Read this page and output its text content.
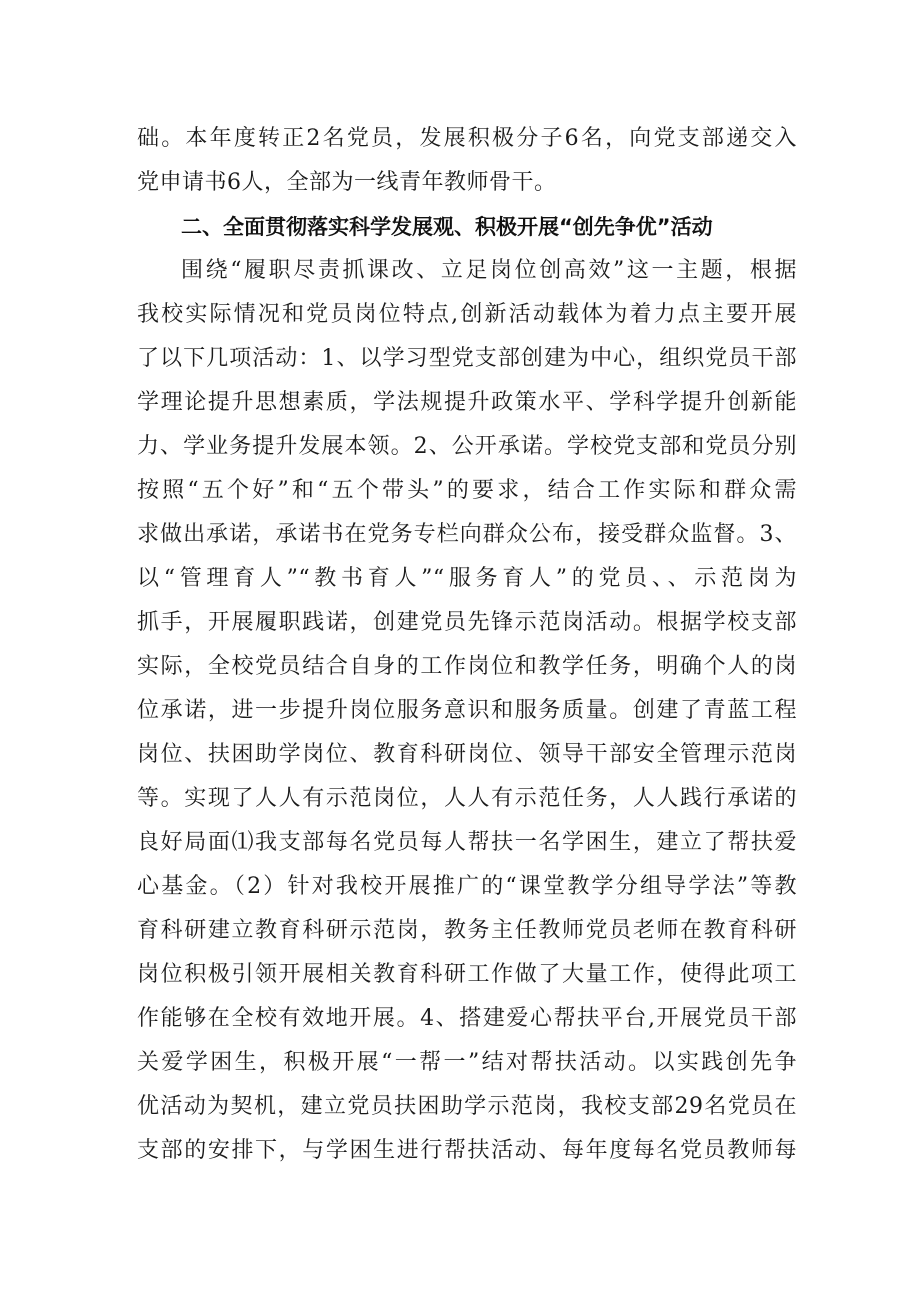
础。本年度转正2名党员，发展积极分子6名，向党支部递交入
党申请书6人，全部为一线青年教师骨干。
二、全面贯彻落实科学发展观、积极开展“创先争优”活动
围绕“履职尽责抓课改、立足岗位创高效”这一主题，根据
我校实际情况和党员岗位特点,创新活动载体为着力点主要开展
了以下几项活动：1、以学习型党支部创建为中心，组织党员干部
学理论提升思想素质，学法规提升政策水平、学科学提升创新能
力、学业务提升发展本领。2、公开承诺。学校党支部和党员分别
按照“五个好”和“五个带头”的要求，结合工作实际和群众需
求做出承诺，承诺书在党务专栏向群众公布，接受群众监督。3、
以“管理育人”“教书育人”“服务育人”的党员、、示范岗为
抓手，开展履职践诺，创建党员先锋示范岗活动。根据学校支部
实际，全校党员结合自身的工作岗位和教学任务，明确个人的岗
位承诺，进一步提升岗位服务意识和服务质量。创建了青蓝工程
岗位、扶困助学岗位、教育科研岗位、领导干部安全管理示范岗
等。实现了人人有示范岗位，人人有示范任务，人人践行承诺的
良好局面⑴我支部每名党员每人帮扶一名学困生，建立了帮扶爱
心基金。（2）针对我校开展推广的“课堂教学分组导学法”等教
育科研建立教育科研示范岗，教务主任教师党员老师在教育科研
岗位积极引领开展相关教育科研工作做了大量工作，使得此项工
作能够在全校有效地开展。4、搭建爱心帮扶平台,开展党员干部
关爱学困生，积极开展“一帮一”结对帮扶活动。以实践创先争
优活动为契机，建立党员扶困助学示范岗，我校支部29名党员在
支部的安排下，与学困生进行帮扶活动、每年度每名党员教师每
